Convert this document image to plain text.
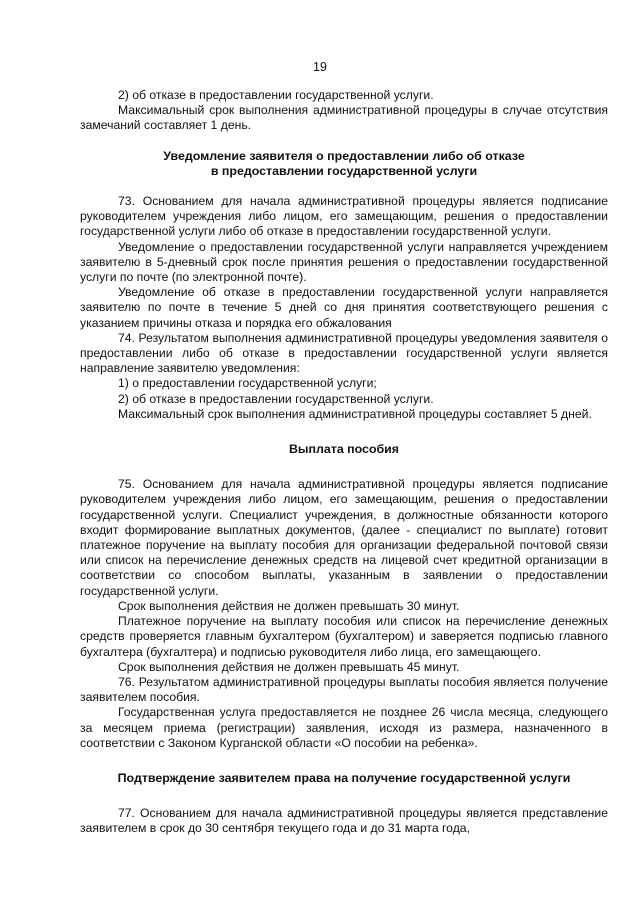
19

2) об отказе в предоставлении государственной услуги.

Максимальный срок выполнения административной процедуры в случае отсутствия замечаний составляет 1 день.

Уведомление заявителя о предоставлении либо об отказе

в предоставлении государственной услуги

73. Основанием для начала административной процедуры является подписание руководителем учреждения либо лицом, его замещающим, решения о предоставлении государственной услуги либо об отказе в предоставлении государственной услуги.

Уведомление о предоставлении государственной услуги направляется учреждением заявителю в 5-дневный срок после принятия решения о предоставлении государственной услуги по почте (по электронной почте).

Уведомление об отказе в предоставлении государственной услуги направляется заявителю по почте в течение 5 дней со дня принятия соответствующего решения с указанием причины отказа и порядка его обжалования

74. Результатом выполнения административной процедуры уведомления заявителя о предоставлении либо об отказе в предоставлении государственной услуги является направление заявителю уведомления:

1) о предоставлении государственной услуги;

2) об отказе в предоставлении государственной услуги.

Максимальный срок выполнения административной процедуры составляет 5 дней.

Выплата пособия

75. Основанием для начала административной процедуры является подписание руководителем учреждения либо лицом, его замещающим, решения о предоставлении государственной услуги. Специалист учреждения, в должностные обязанности которого входит формирование выплатных документов, (далее - специалист по выплате) готовит платежное поручение на выплату пособия для организации федеральной почтовой связи или список на перечисление денежных средств на лицевой счет кредитной организации в соответствии со способом выплаты, указанным в заявлении о предоставлении государственной услуги.

Срок выполнения действия не должен превышать 30 минут.

Платежное поручение на выплату пособия или список на перечисление денежных средств проверяется главным бухгалтером (бухгалтером) и заверяется подписью главного бухгалтера (бухгалтера) и подписью руководителя либо лица, его замещающего.

Срок выполнения действия не должен превышать 45 минут.

76. Результатом административной процедуры выплаты пособия является получение заявителем пособия.

Государственная услуга предоставляется не позднее 26 числа месяца, следующего за месяцем приема (регистрации) заявления, исходя из размера, назначенного в соответствии с Законом Курганской области «О пособии на ребенка».

Подтверждение заявителем права на получение государственной услуги

77. Основанием для начала административной процедуры является представление заявителем в срок до 30 сентября текущего года и до 31 марта года,
